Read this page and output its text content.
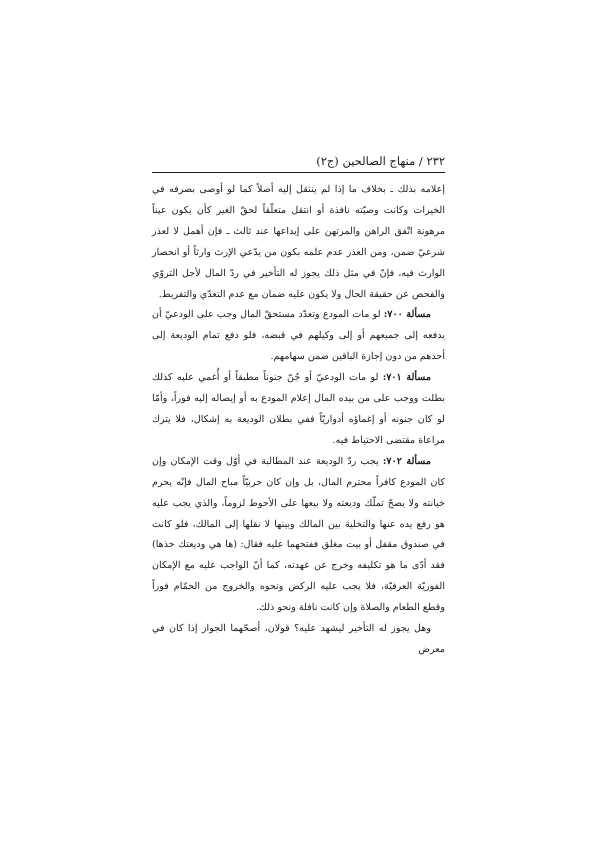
٢٣٢ / منهاج الصالحين (ج٢)

إعلامه بذلك ـ بخلاف ما إذا لم ينتقل إليه أصلاً كما لو أوصى بصرفه في الخيرات وكانت وصيّته نافذة أو انتقل متعلّقاً لحقّ الغير كأن يكون عيناً مرهونة اتّفق الراهن والمرتهن على إيداعها عند ثالث ـ فإن أهمل لا لعذر شرعيّ ضمن، ومن العذر عدم علمه بكون من يدّعي الإرث وارثاً أو انحصار الوارث فيه، فإنّ في مثل ذلك يجوز له التأخير في ردّ المال لأجل التروّي والفحص عن حقيقة الحال ولا يكون عليه ضمان مع عدم التعدّي والتفريط.

مسألة ٧٠٠: لو مات المودع وتعدّد مستحقّ المال وجب على الودعيّ أن يدفعه إلى جميعهم أو إلى وكيلهم في قبضه، فلو دفع تمام الوديعة إلى أحدهم من دون إجازة الباقين ضمن سهامهم.

مسألة ٧٠١: لو مات الودعيّ أو جُنّ جنوناً مطبقاً أو أُغمي عليه كذلك بطلت ووجب على من بيده المال إعلام المودع به أو إيصاله إليه فوراً، وأمّا لو كان جنونه أو إغماؤه أدواريّاً ففي بطلان الوديعة به إشكال، فلا يترك مراعاة مقتضى الاحتياط فيه.

مسألة ٧٠٢: يجب ردّ الوديعة عند المطالبة في أوّل وقت الإمكان وإن كان المودع كافراً محترم المال، بل وإن كان حربيّاً مباح المال فإنّه يحرم خيانته ولا يصحّ تملّك وديعته ولا بيعها على الأحوط لزوماً، والذي يجب عليه هو رفع يده عنها والتخلية بين المالك وبينها لا نقلها إلى المالك، فلو كانت في صندوق مقفل أو بيت مغلق ففتحهما عليه فقال: (ها هي وديعتك خذها) فقد أدّى ما هو تكليفه وخرج عن عهدته، كما أنّ الواجب عليه مع الإمكان الفوريّة العرفيّة، فلا يجب عليه الركض ونحوه والخروج من الحمّام فوراً وقطع الطعام والصلاة وإن كانت نافلة ونحو ذلك.

وهل يجوز له التأخير ليشهد عليه؟ قولان، أصحّهما الجواز إذا كان في معرض
